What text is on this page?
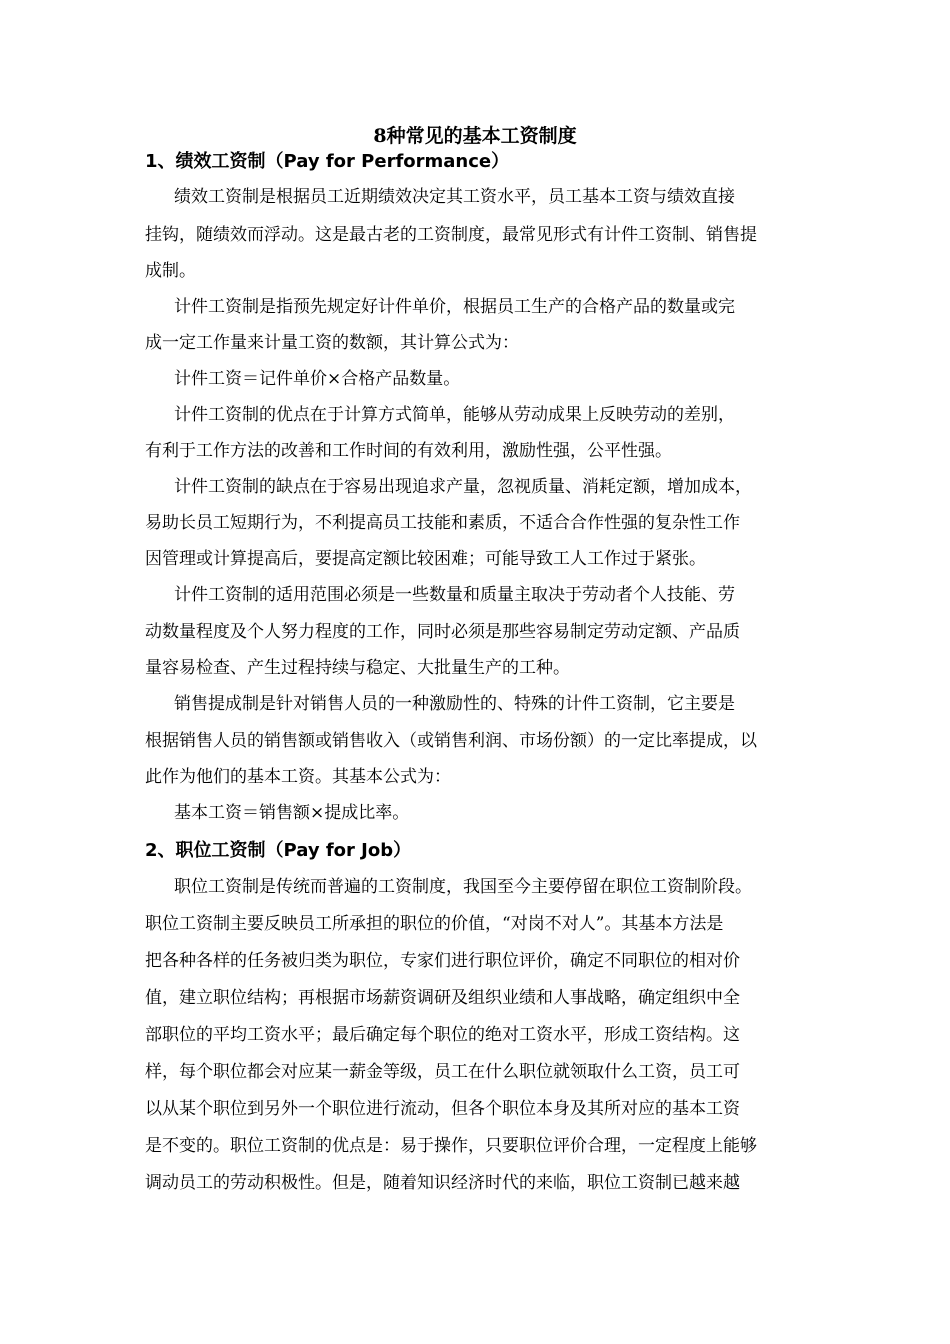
8种常见的基本工资制度
1、绩效工资制（Pay for Performance）

绩效工资制是根据员工近期绩效决定其工资水平，员工基本工资与绩效直接

挂钩，随绩效而浮动。这是最古老的工资制度，最常见形式有计件工资制、销售提

成制。

计件工资制是指预先规定好计件单价，根据员工生产的合格产品的数量或完

成一定工作量来计量工资的数额，其计算公式为：

计件工资＝记件单价×合格产品数量。

计件工资制的优点在于计算方式简单，能够从劳动成果上反映劳动的差别，

有利于工作方法的改善和工作时间的有效利用，激励性强，公平性强。

计件工资制的缺点在于容易出现追求产量，忽视质量、消耗定额，增加成本，

易助长员工短期行为，不利提高员工技能和素质，不适合合作性强的复杂性工作

因管理或计算提高后，要提高定额比较困难；可能导致工人工作过于紧张。

计件工资制的适用范围必须是一些数量和质量主取决于劳动者个人技能、劳

动数量程度及个人努力程度的工作，同时必须是那些容易制定劳动定额、产品质

量容易检查、产生过程持续与稳定、大批量生产的工种。

销售提成制是针对销售人员的一种激励性的、特殊的计件工资制，它主要是

根据销售人员的销售额或销售收入（或销售利润、市场份额）的一定比率提成，以

此作为他们的基本工资。其基本公式为：

基本工资＝销售额×提成比率。

2、职位工资制（Pay for Job）

职位工资制是传统而普遍的工资制度，我国至今主要停留在职位工资制阶段。

职位工资制主要反映员工所承担的职位的价值，“对岗不对人”。其基本方法是

把各种各样的任务被归类为职位，专家们进行职位评价，确定不同职位的相对价

值，建立职位结构；再根据市场薪资调研及组织业绩和人事战略，确定组织中全

部职位的平均工资水平；最后确定每个职位的绝对工资水平，形成工资结构。这

样，每个职位都会对应某一薪金等级，员工在什么职位就领取什么工资，员工可

以从某个职位到另外一个职位进行流动，但各个职位本身及其所对应的基本工资

是不变的。职位工资制的优点是：易于操作，只要职位评价合理，一定程度上能够

调动员工的劳动积极性。但是，随着知识经济时代的来临，职位工资制已越来越
